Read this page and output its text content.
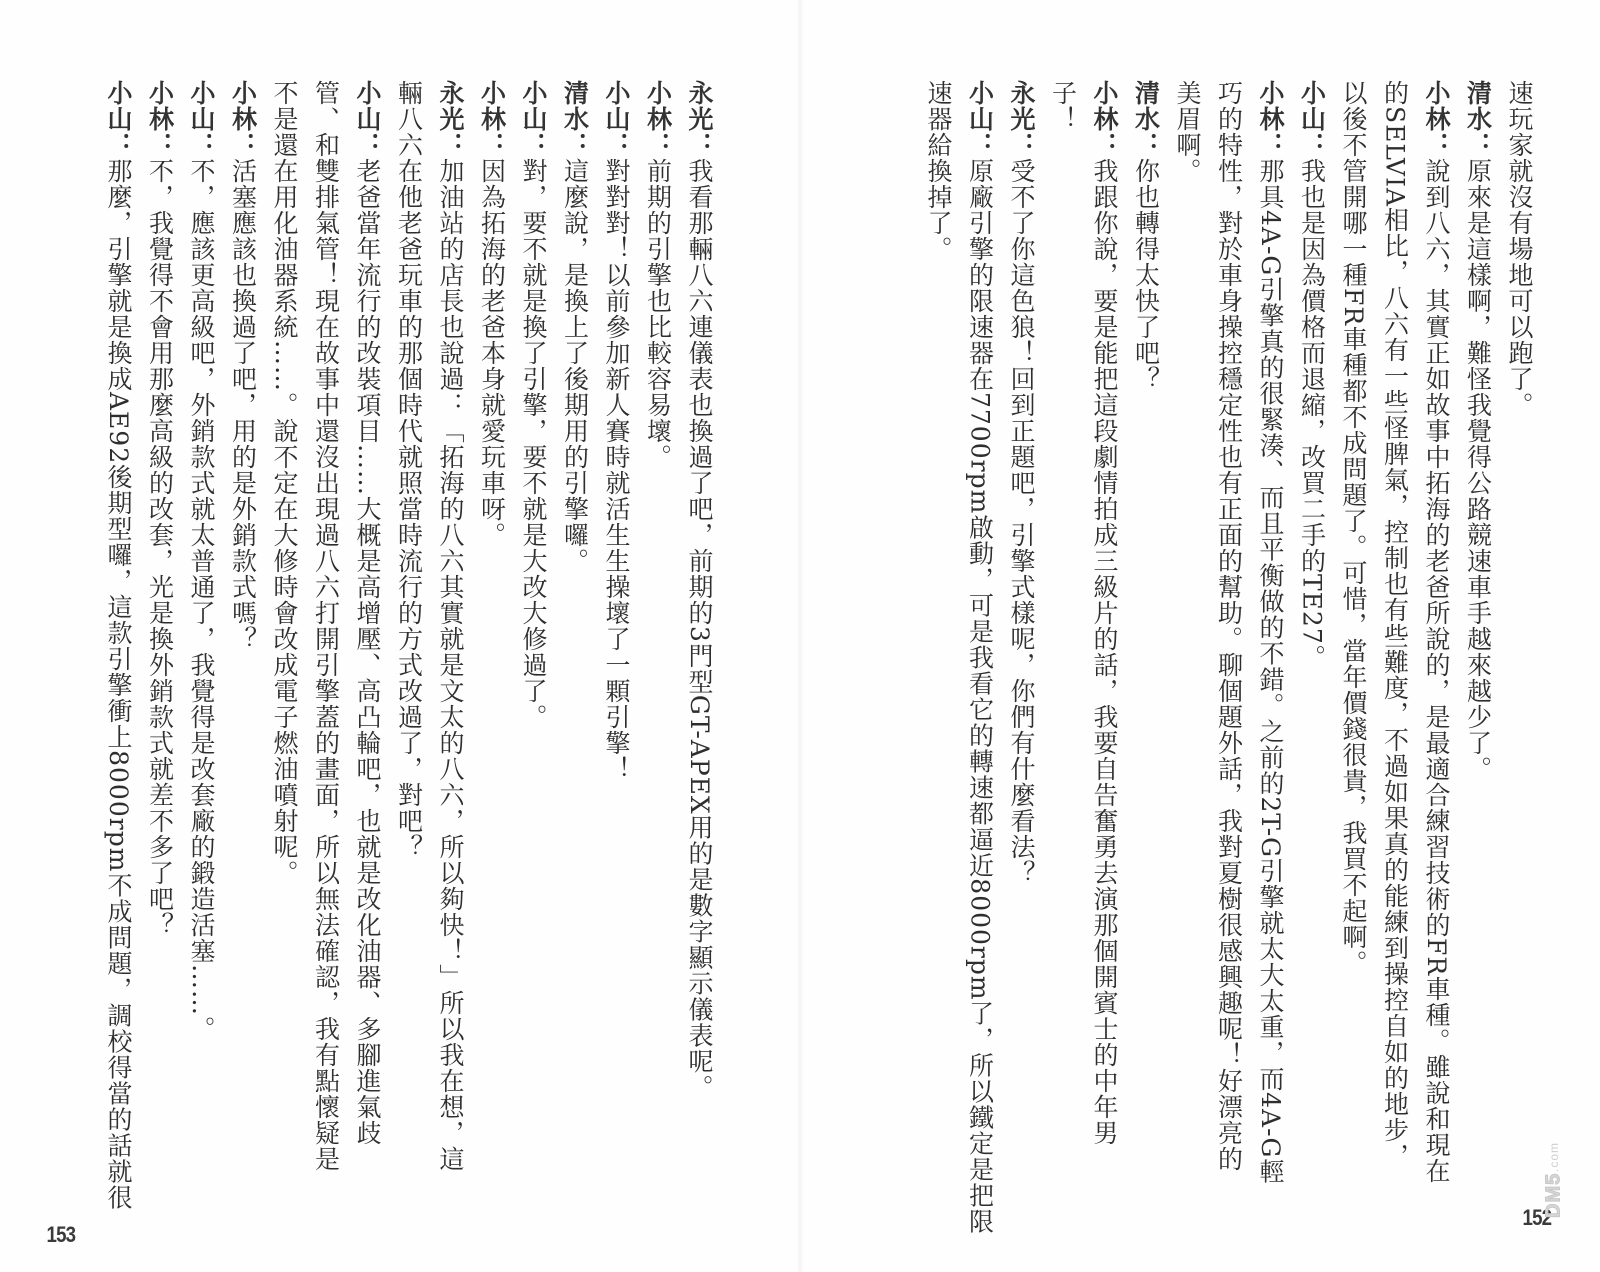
速玩家就沒有場地可以跑了。

清水：原來是這樣啊，難怪我覺得公路競速車手越來越少了。

小林：說到八六，其實正如故事中拓海的老爸所說的，是最適合練習技術的FR車種。雖說和現在

的SELVIA相比，八六有一些怪脾氣，控制也有些難度，不過如果真的能練到操控自如的地步，

以後不管開哪一種FR車種都不成問題了。可惜，當年價錢很貴，我買不起啊。

小山：我也是因為價格而退縮，改買二手的TE27。

小林：那具4A-G引擎真的很緊湊、而且平衡做的不錯。之前的2T-G引擎就太大太重，而4A-G輕

巧的特性，對於車身操控穩定性也有正面的幫助。聊個題外話，我對夏樹很感興趣呢！好漂亮的

美眉啊。

清水：你也轉得太快了吧？

小林：我跟你說，要是能把這段劇情拍成三級片的話，我要自告奮勇去演那個開賓士的中年男

子！

永光：受不了你這色狼！回到正題吧，引擎式樣呢，你們有什麼看法？

小山：原廠引擎的限速器在7700rpm啟動，可是我看它的轉速都逼近8000rpm了，所以鐵定是把限

速器給換掉了。

永光：我看那輛八六連儀表也換過了吧，前期的3門型GT-APEX用的是數字顯示儀表呢。

小林：前期的引擎也比較容易壞。

小山：對對對！以前參加新人賽時就活生生操壞了一顆引擎！

清水：這麼說，是換上了後期用的引擎囉。

小山：對，要不就是換了引擎，要不就是大改大修過了。

小林：因為拓海的老爸本身就愛玩車呀。

永光：加油站的店長也說過：「拓海的八六其實就是文太的八六，所以夠快！」所以我在想，這

輛八六在他老爸玩車的那個時代就照當時流行的方式改過了，對吧？

小山：老爸當年流行的改裝項目……大概是高增壓、高凸輪吧，也就是改化油器、多腳進氣歧

管、和雙排氣管！現在故事中還沒出現過八六打開引擎蓋的畫面，所以無法確認，我有點懷疑是

不是還在用化油器系統……。說不定在大修時會改成電子燃油噴射呢。

小林：活塞應該也換過了吧，用的是外銷款式嗎？

小山：不，應該更高級吧，外銷款式就太普通了，我覺得是改套廠的鍛造活塞……。

小林：不，我覺得不會用那麼高級的改套，光是換外銷款式就差不多了吧？

小山：那麼，引擎就是換成AE92後期型囉，這款引擎衝上8000rpm不成問題，調校得當的話就很

153
152
DM5
.com
